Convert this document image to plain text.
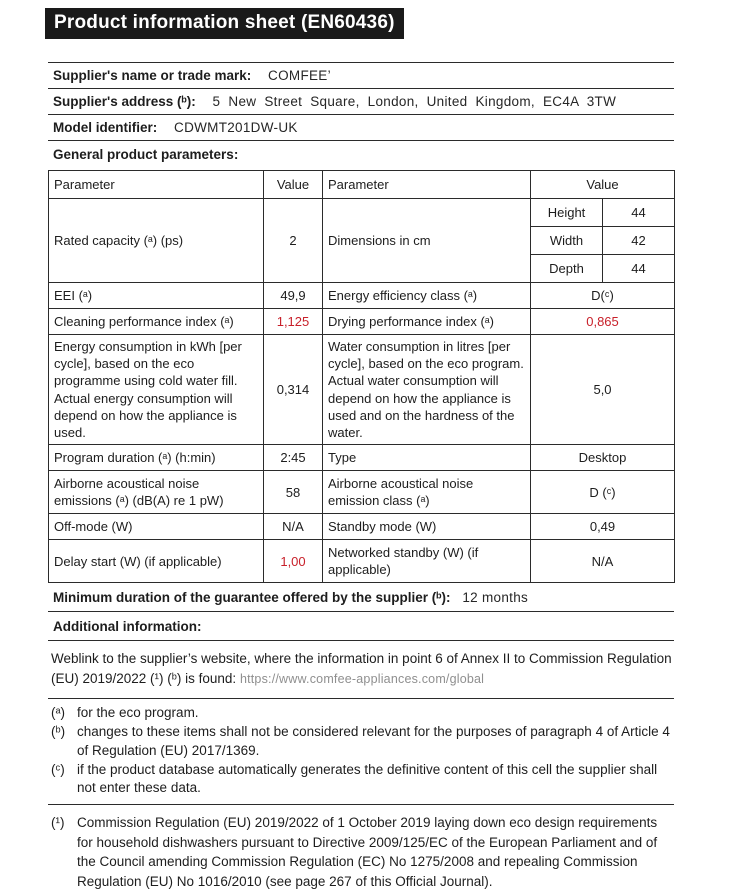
Product information sheet (EN60436)
Supplier's name or trade mark: COMFEE’
Supplier's address (ᵇ): 5 New Street Square, London, United Kingdom, EC4A 3TW
Model identifier: CDWMT201DW-UK
General product parameters:
Parameter	Value	Parameter	Value	
Rated capacity (ᵃ) (ps)	2	Dimensions in cm	Height	44
			Width	42
			Depth	44
EEI (ᵃ)	49,9	Energy efficiency class (ᵃ)	D(ᶜ)	
Cleaning performance index (ᵃ)	1,125	Drying performance index (ᵃ)	0,865	
Energy consumption in kWh [per cycle], based on the eco programme using cold water fill. Actual energy consumption will depend on how the appliance is used.	0,314	Water consumption in litres [per cycle], based on the eco program. Actual water consumption will depend on how the appliance is used and on the hardness of the water.	5,0	
Program duration (ᵃ) (h:min)	2:45	Type	Desktop	
Airborne acoustical noise emissions (ᵃ) (dB(A) re 1 pW)	58	Airborne acoustical noise emission class (ᵃ)	D (ᶜ)	
Off-mode (W)	N/A	Standby mode (W)	0,49	
Delay start (W) (if applicable)	1,00	Networked standby (W) (if applicable)	N/A	
Minimum duration of the guarantee offered by the supplier (ᵇ): 12 months
Additional information:

Weblink to the supplier’s website, where the information in point 6 of Annex II to Commission Regulation (EU) 2019/2022 (¹) (ᵇ) is found: https://www.comfee-appliances.com/global

(ᵃ) for the eco program.
(ᵇ) changes to these items shall not be considered relevant for the purposes of paragraph 4 of Article 4 of Regulation (EU) 2017/1369.
(ᶜ) if the product database automatically generates the definitive content of this cell the supplier shall not enter these data.
(¹) Commission Regulation (EU) 2019/2022 of 1 October 2019 laying down eco design requirements for household dishwashers pursuant to Directive 2009/125/EC of the European Parliament and of the Council amending Commission Regulation (EC) No 1275/2008 and repealing Commission Regulation (EU) No 1016/2010 (see page 267 of this Official Journal).
